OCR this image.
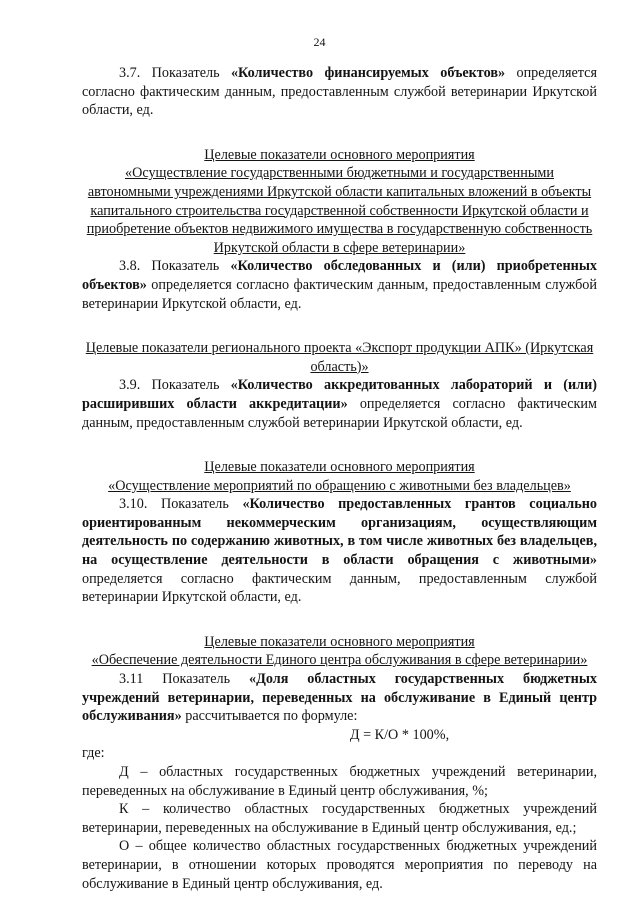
24

3.7. Показатель «Количество финансируемых объектов» определяется согласно фактическим данным, предоставленным службой ветеринарии Иркутской области, ед.

Целевые показатели основного мероприятия

«Осуществление государственными бюджетными и государственными автономными учреждениями Иркутской области капитальных вложений в объекты капитального строительства государственной собственности Иркутской области и приобретение объектов недвижимого имущества в государственную собственность Иркутской области в сфере ветеринарии»

3.8. Показатель «Количество обследованных и (или) приобретенных объектов» определяется согласно фактическим данным, предоставленным службой ветеринарии Иркутской области, ед.

Целевые показатели регионального проекта «Экспорт продукции АПК» (Иркутская область)»

3.9. Показатель «Количество аккредитованных лабораторий и (или) расширивших области аккредитации» определяется согласно фактическим данным, предоставленным службой ветеринарии Иркутской области, ед.

Целевые показатели основного мероприятия

«Осуществление мероприятий по обращению с животными без владельцев»

3.10. Показатель «Количество предоставленных грантов социально ориентированным некоммерческим организациям, осуществляющим деятельность по содержанию животных, в том числе животных без владельцев, на осуществление деятельности в области обращения с животными» определяется согласно фактическим данным, предоставленным службой ветеринарии Иркутской области, ед.

Целевые показатели основного мероприятия

«Обеспечение деятельности Единого центра обслуживания в сфере ветеринарии»

3.11 Показатель «Доля областных государственных бюджетных учреждений ветеринарии, переведенных на обслуживание в Единый центр обслуживания» рассчитывается по формуле:

Д = К/О * 100%,

где:

Д – областных государственных бюджетных учреждений ветеринарии, переведенных на обслуживание в Единый центр обслуживания, %;

К – количество областных государственных бюджетных учреждений ветеринарии, переведенных на обслуживание в Единый центр обслуживания, ед.;

О – общее количество областных государственных бюджетных учреждений ветеринарии, в отношении которых проводятся мероприятия по переводу на обслуживание в Единый центр обслуживания, ед.
